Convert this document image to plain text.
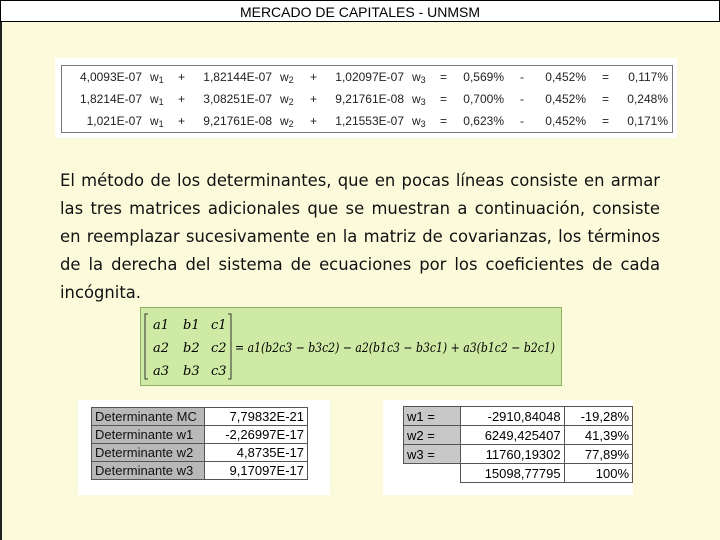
MERCADO DE CAPITALES - UNMSM
4,0093E-07 $w_1$ +	1,82144E-07 $w_2$ +	1,02097E-07 $w_3$ =	0,569% -	0,452% =	0,117%
1,8214E-07 $w_1$ +	3,08251E-07 $w_2$ +	9,21761E-08 $w_3$ =	0,700% -	0,452% =	0,248%
1,021E-07 $w_1$ +	9,21761E-08 $w_2$ +	1,21553E-07 $w_3$ =	0,623% -	0,452% =	0,171%
El método de los determinantes, que en pocas líneas consiste en armar las tres matrices adicionales que se muestran a continuación, consiste en reemplazar sucesivamente en la matriz de covarianzas, los términos de la derecha del sistema de ecuaciones por los coeficientes de cada incógnita.
a1 b1 c1
a2 b2 c2
a3 b3 c3
= a1(b2c3 − b3c2) − a2(b1c3 − b3c1) + a3(b1c2 − b2c1)
Determinante MC	7,79832E-21
Determinante w1	-2,26997E-17
Determinante w2	4,8735E-17
Determinante w3	9,17097E-17
w1 =	-2910,84048	-19,28%
w2 =	6249,425407	41,39%
w3 =	11760,19302	77,89%
	15098,77795	100%
